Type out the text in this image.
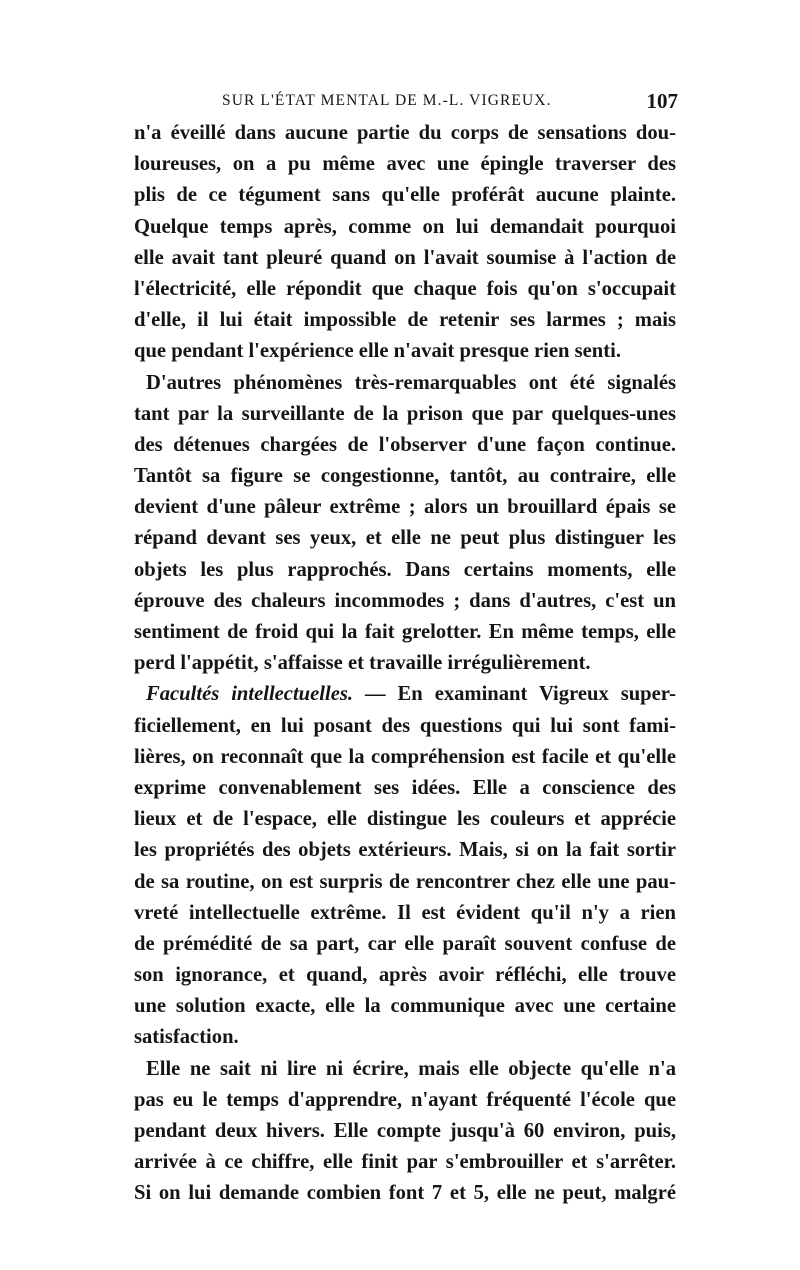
SUR L'ÉTAT MENTAL DE M.-L. VIGREUX.	107
n'a éveillé dans aucune partie du corps de sensations dou-
loureuses, on a pu même avec une épingle traverser des
plis de ce tégument sans qu'elle proférât aucune plainte.
Quelque temps après, comme on lui demandait pourquoi
elle avait tant pleuré quand on l'avait soumise à l'action de
l'électricité, elle répondit que chaque fois qu'on s'occupait
d'elle, il lui était impossible de retenir ses larmes ; mais
que pendant l'expérience elle n'avait presque rien senti.
D'autres phénomènes très-remarquables ont été signalés
tant par la surveillante de la prison que par quelques-unes
des détenues chargées de l'observer d'une façon continue.
Tantôt sa figure se congestionne, tantôt, au contraire, elle
devient d'une pâleur extrême ; alors un brouillard épais se
répand devant ses yeux, et elle ne peut plus distinguer les
objets les plus rapprochés. Dans certains moments, elle
éprouve des chaleurs incommodes ; dans d'autres, c'est un
sentiment de froid qui la fait grelotter. En même temps, elle
perd l'appétit, s'affaisse et travaille irrégulièrement.
Facultés intellectuelles. — En examinant Vigreux super-
ficiellement, en lui posant des questions qui lui sont fami-
lières, on reconnaît que la compréhension est facile et qu'elle
exprime convenablement ses idées. Elle a conscience des
lieux et de l'espace, elle distingue les couleurs et apprécie
les propriétés des objets extérieurs. Mais, si on la fait sortir
de sa routine, on est surpris de rencontrer chez elle une pau-
vreté intellectuelle extrême. Il est évident qu'il n'y a rien
de prémédité de sa part, car elle paraît souvent confuse de
son ignorance, et quand, après avoir réfléchi, elle trouve
une solution exacte, elle la communique avec une certaine
satisfaction.
Elle ne sait ni lire ni écrire, mais elle objecte qu'elle n'a
pas eu le temps d'apprendre, n'ayant fréquenté l'école que
pendant deux hivers. Elle compte jusqu'à 60 environ, puis,
arrivée à ce chiffre, elle finit par s'embrouiller et s'arrêter.
Si on lui demande combien font 7 et 5, elle ne peut, malgré
